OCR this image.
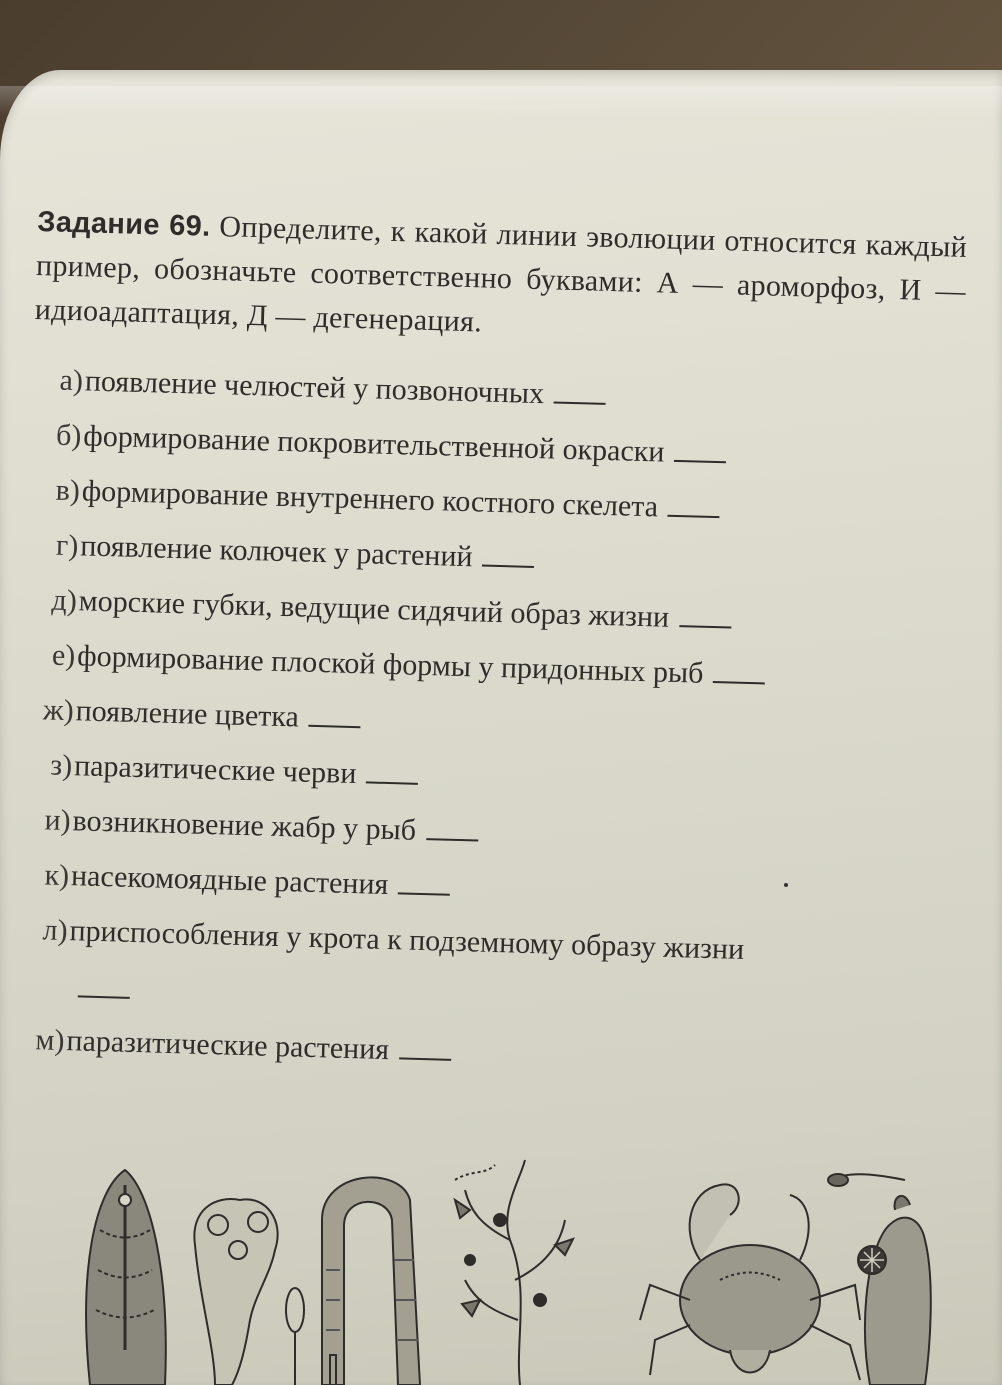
Задание 69. Определите, к какой линии эволюции относится каждый пример, обозначьте соответственно буквами: А — ароморфоз, И — идиоадаптация, Д — дегенерация.
а) появление челюстей у позвоночных
б) формирование покровительственной окраски
в) формирование внутреннего костного скелета
г) появление колючек у растений
д) морские губки, ведущие сидячий образ жизни
е) формирование плоской формы у придонных рыб
ж) появление цветка
з) паразитические черви
и) возникновение жабр у рыб
к) насекомоядные растения
л) приспособления у крота к подземному образу жизни
м) паразитические растения
